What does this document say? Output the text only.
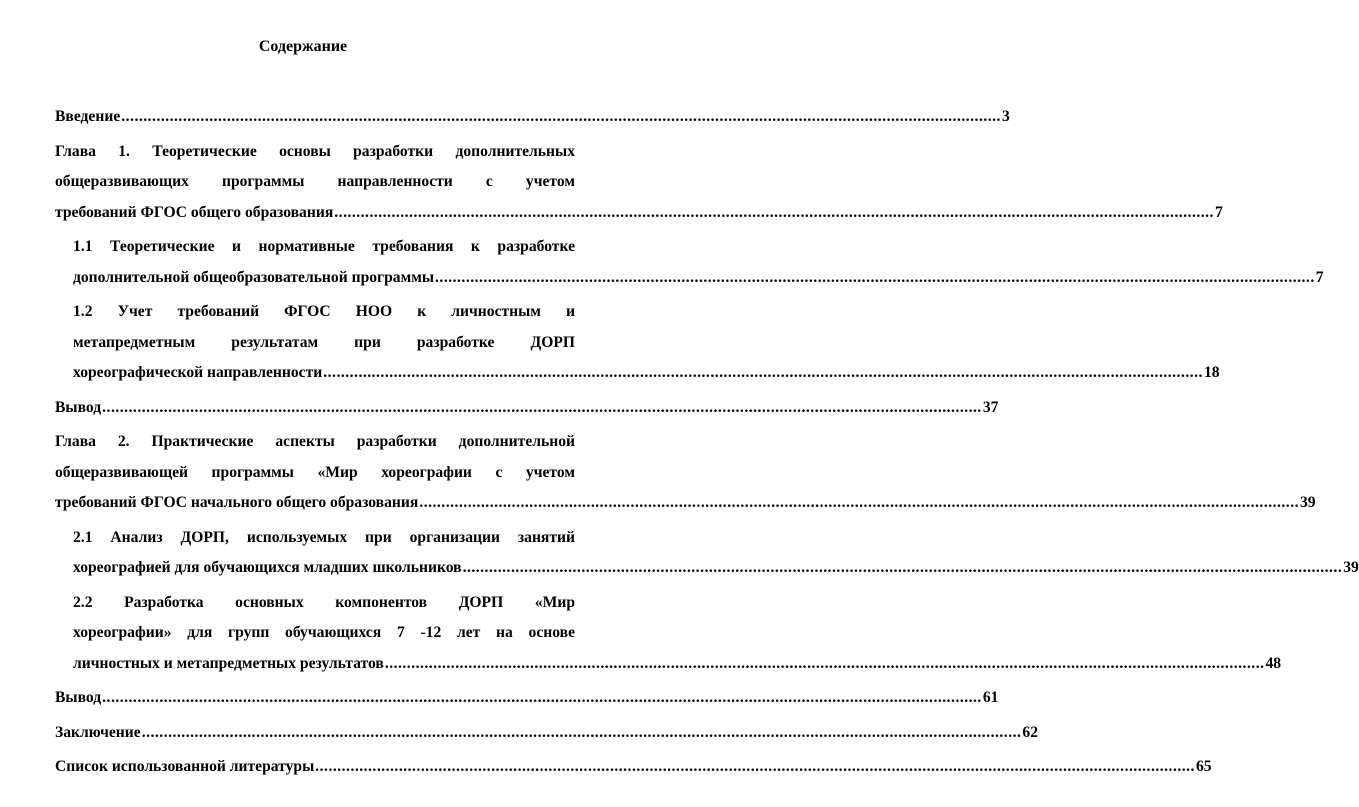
Содержание
Введение ........................................................................................................................................................................................................ 3
Глава 1. Теоретические основы разработки дополнительных
общеразвивающих программы направленности с учетом
требований ФГОС общего образования ........................................................................................................................................................................................................ 7
1.1 Теоретические и нормативные требования к разработке
дополнительной общеобразовательной программы ........................................................................................................................................................................................................ 7
1.2 Учет требований ФГОС НОО к личностным и
метапредметным результатам при разработке ДОРП
хореографической направленности ........................................................................................................................................................................................................ 18
Вывод ........................................................................................................................................................................................................ 37
Глава 2. Практические аспекты разработки дополнительной
общеразвивающей программы «Мир хореографии с учетом
требований ФГОС начального общего образования ........................................................................................................................................................................................................ 39
2.1 Анализ ДОРП, используемых при организации занятий
хореографией для обучающихся младших школьников ........................................................................................................................................................................................................ 39
2.2 Разработка основных компонентов ДОРП «Мир
хореографии» для групп обучающихся 7 -12 лет на основе
личностных и метапредметных результатов ........................................................................................................................................................................................................ 48
Вывод ........................................................................................................................................................................................................ 61
Заключение ........................................................................................................................................................................................................ 62
Список использованной литературы ........................................................................................................................................................................................................ 65
